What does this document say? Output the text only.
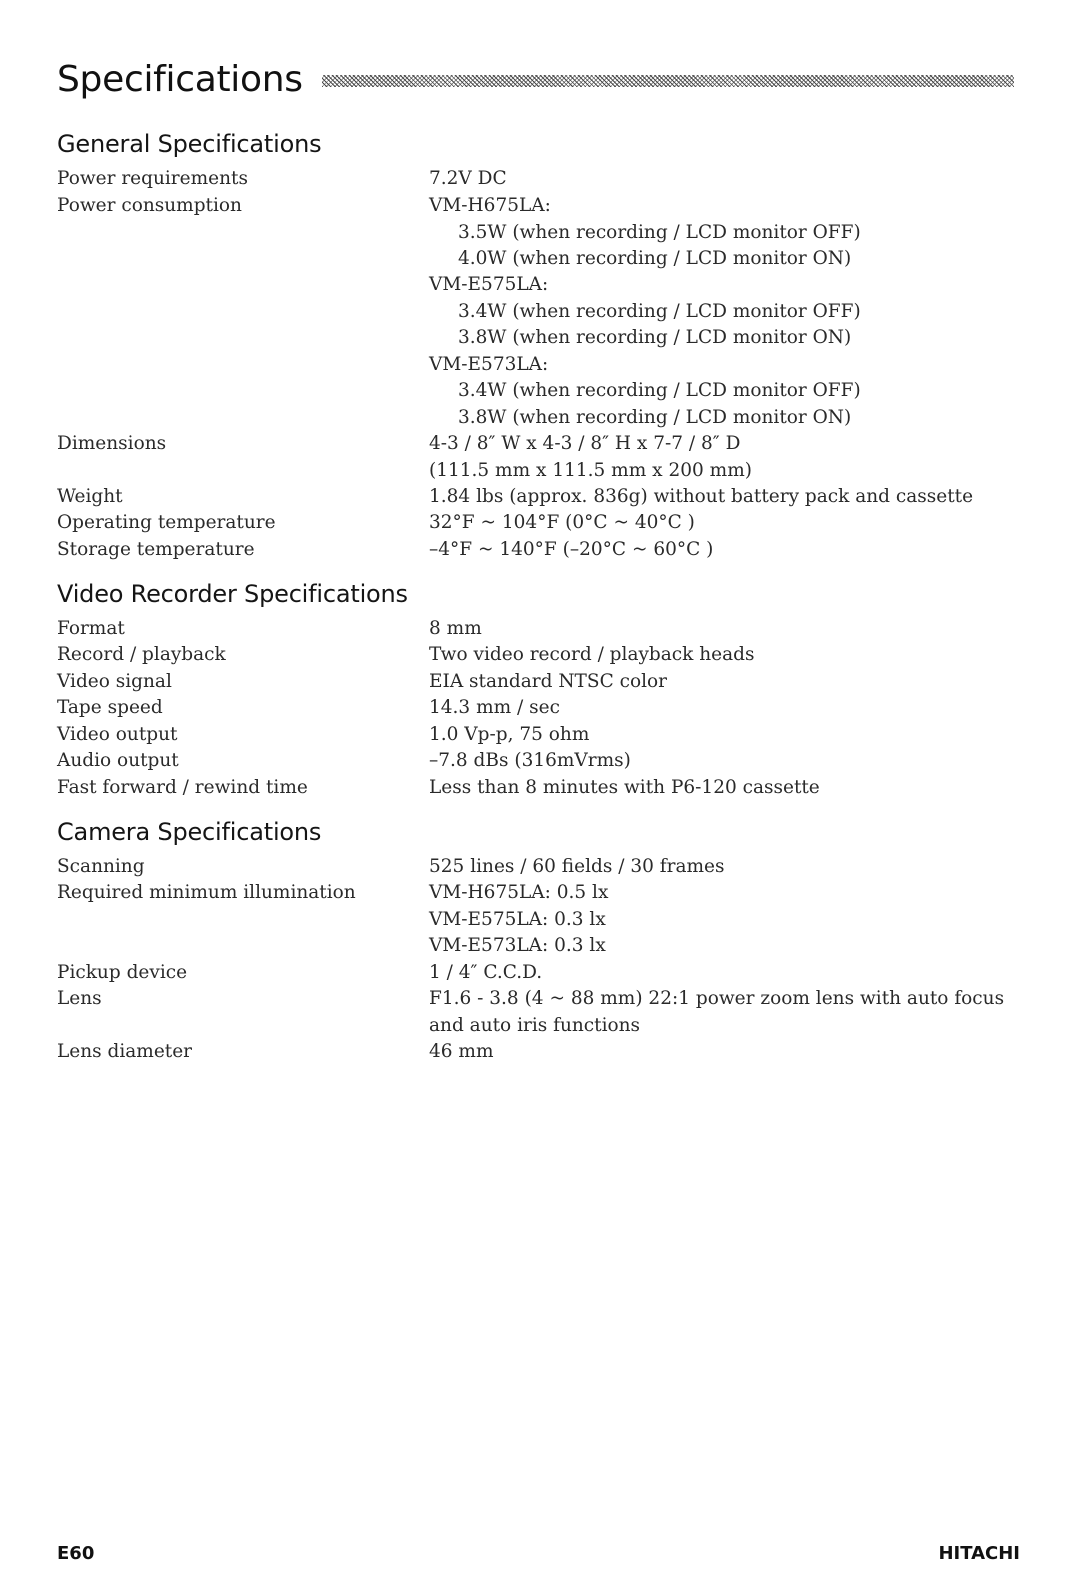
Specifications
General Specifications
Power requirements	7.2V DC
Power consumption	VM-H675LA:
3.5W (when recording / LCD monitor OFF)
4.0W (when recording / LCD monitor ON)
VM-E575LA:
3.4W (when recording / LCD monitor OFF)
3.8W (when recording / LCD monitor ON)
VM-E573LA:
3.4W (when recording / LCD monitor OFF)
3.8W (when recording / LCD monitor ON)
Dimensions	4-3 / 8″ W x 4-3 / 8″ H x 7-7 / 8″ D
(111.5 mm x 111.5 mm x 200 mm)
Weight	1.84 lbs (approx. 836g) without battery pack and cassette
Operating temperature	32°F ~ 104°F (0°C ~ 40°C )
Storage temperature	–4°F ~ 140°F (–20°C ~ 60°C )
Video Recorder Specifications
Format	8 mm
Record / playback	Two video record / playback heads
Video signal	EIA standard NTSC color
Tape speed	14.3 mm / sec
Video output	1.0 Vp-p, 75 ohm
Audio output	–7.8 dBs (316mVrms)
Fast forward / rewind time	Less than 8 minutes with P6-120 cassette
Camera Specifications
Scanning	525 lines / 60 fields / 30 frames
Required minimum illumination	VM-H675LA: 0.5 lx
VM-E575LA: 0.3 lx
VM-E573LA: 0.3 lx
Pickup device	1 / 4″ C.C.D.
Lens	F1.6 - 3.8 (4 ~ 88 mm) 22:1 power zoom lens with auto focus
and auto iris functions
Lens diameter	46 mm
E60	HITACHI
